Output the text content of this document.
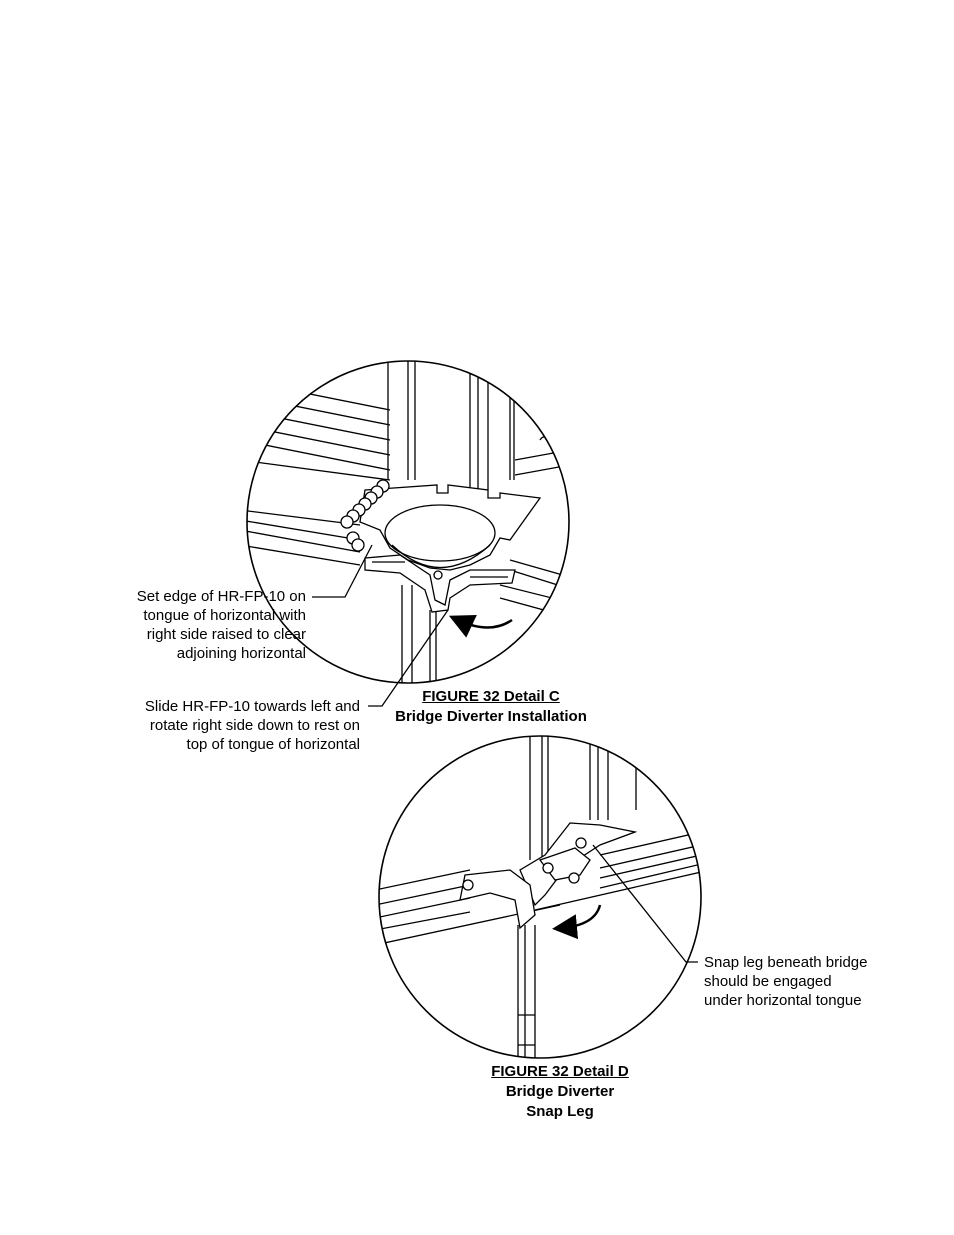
Set edge of HR-FP-10 on
tongue of horizontal with
right side raised to clear
adjoining horizontal
Slide HR-FP-10 towards left and
rotate right side down to rest on
top of tongue of horizontal
FIGURE 32 Detail C
Bridge Diverter Installation
Snap leg beneath bridge
should be engaged
under horizontal tongue
FIGURE 32 Detail D
Bridge Diverter
Snap Leg
